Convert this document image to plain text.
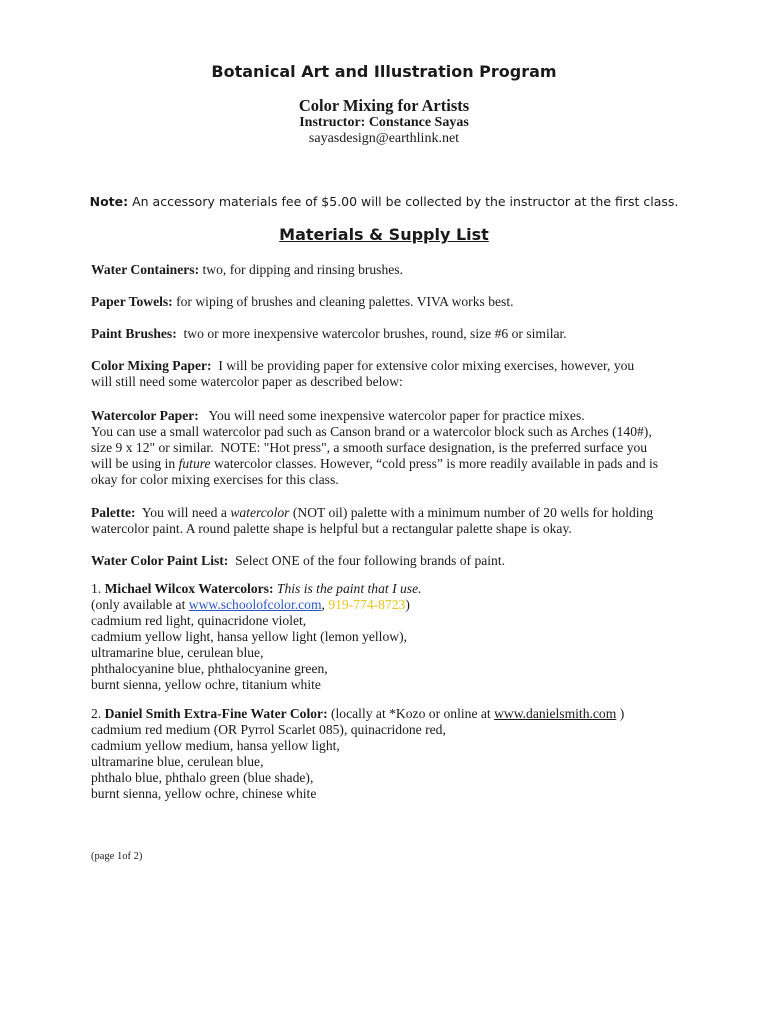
Botanical Art and Illustration Program
Color Mixing for Artists
Instructor: Constance Sayas
sayasdesign@earthlink.net
Note: An accessory materials fee of $5.00 will be collected by the instructor at the first class.
Materials & Supply List
Water Containers: two, for dipping and rinsing brushes.
Paper Towels: for wiping of brushes and cleaning palettes. VIVA works best.
Paint Brushes:  two or more inexpensive watercolor brushes, round, size #6 or similar.
Color Mixing Paper:  I will be providing paper for extensive color mixing exercises, however, you
will still need some watercolor paper as described below:
Watercolor Paper:   You will need some inexpensive watercolor paper for practice mixes.
You can use a small watercolor pad such as Canson brand or a watercolor block such as Arches (140#),
size 9 x 12" or similar.  NOTE: "Hot press", a smooth surface designation, is the preferred surface you
will be using in future watercolor classes. However, “cold press” is more readily available in pads and is
okay for color mixing exercises for this class.
Palette:  You will need a watercolor (NOT oil) palette with a minimum number of 20 wells for holding
watercolor paint. A round palette shape is helpful but a rectangular palette shape is okay.
Water Color Paint List:  Select ONE of the four following brands of paint.
1. Michael Wilcox Watercolors: This is the paint that I use.
(only available at www.schoolofcolor.com, 919-774-8723)
cadmium red light, quinacridone violet,
cadmium yellow light, hansa yellow light (lemon yellow),
ultramarine blue, cerulean blue,
phthalocyanine blue, phthalocyanine green,
burnt sienna, yellow ochre, titanium white
2. Daniel Smith Extra-Fine Water Color: (locally at *Kozo or online at www.danielsmith.com )
cadmium red medium (OR Pyrrol Scarlet 085), quinacridone red,
cadmium yellow medium, hansa yellow light,
ultramarine blue, cerulean blue,
phthalo blue, phthalo green (blue shade),
burnt sienna, yellow ochre, chinese white
(page 1of 2)
